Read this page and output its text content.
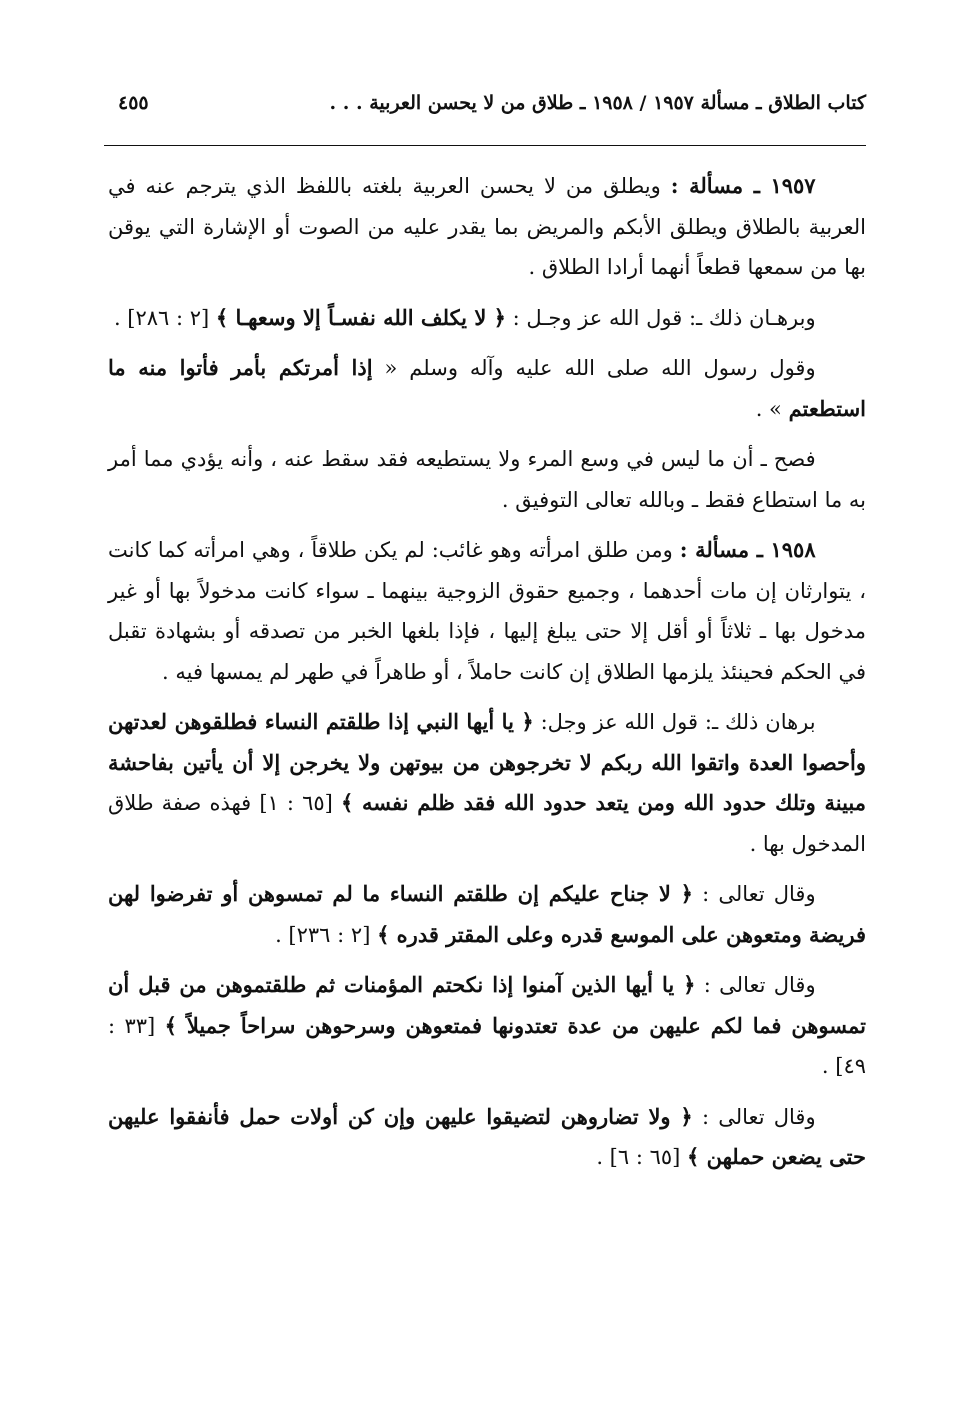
كتاب الطلاق ـ مسألة ١٩٥٧ / ١٩٥٨ ـ طلاق من لا يحسن العربية . . .
٤٥٥

١٩٥٧ ـ مسألة : ويطلق من لا يحسن العربية بلغته باللفظ الذي يترجم عنه في العربية بالطلاق ويطلق الأبكم والمريض بما يقدر عليه من الصوت أو الإشارة التي يوقن بها من سمعها قطعاً أنهما أرادا الطلاق .

وبرهـان ذلك ـ: قول الله عز وجـل : ﴿ لا يكلف الله نفسـاً إلا وسعهـا ﴾ [٢ : ٢٨٦] .

وقول رسول الله صلى الله عليه وآله وسلم « إذا أمرتكم بأمر فأتوا منه ما استطعتم » .

فصح ـ أن ما ليس في وسع المرء ولا يستطيعه فقد سقط عنه ، وأنه يؤدي مما أمر به ما استطاع فقط ـ وبالله تعالى التوفيق .

١٩٥٨ ـ مسألة : ومن طلق امرأته وهو غائب: لم يكن طلاقاً ، وهي امرأته كما كانت ، يتوارثان إن مات أحدهما ، وجميع حقوق الزوجية بينهما ـ سواء كانت مدخولاً بها أو غير مدخول بها ـ ثلاثاً أو أقل إلا حتى يبلغ إليها ، فإذا بلغها الخبر من تصدقه أو بشهادة تقبل في الحكم فحينئذ يلزمها الطلاق إن كانت حاملاً ، أو طاهراً في طهر لم يمسها فيه .

برهان ذلك ـ: قول الله عز وجل: ﴿ يا أيها النبي إذا طلقتم النساء فطلقوهن لعدتهن وأحصوا العدة واتقوا الله ربكم لا تخرجوهن من بيوتهن ولا يخرجن إلا أن يأتين بفاحشة مبينة وتلك حدود الله ومن يتعد حدود الله فقد ظلم نفسه ﴾ [٦٥ : ١] فهذه صفة طلاق المدخول بها .

وقال تعالى : ﴿ لا جناح عليكم إن طلقتم النساء ما لم تمسوهن أو تفرضوا لهن فريضة ومتعوهن على الموسع قدره وعلى المقتر قدره ﴾ [٢ : ٢٣٦] .

وقال تعالى : ﴿ يا أيها الذين آمنوا إذا نكحتم المؤمنات ثم طلقتموهن من قبل أن تمسوهن فما لكم عليهن من عدة تعتدونها فمتعوهن وسرحوهن سراحاً جميلاً ﴾ [٣٣ : ٤٩] .

وقال تعالى : ﴿ ولا تضاروهن لتضيقوا عليهن وإن كن أولات حمل فأنفقوا عليهن حتى يضعن حملهن ﴾ [٦٥ : ٦] .
